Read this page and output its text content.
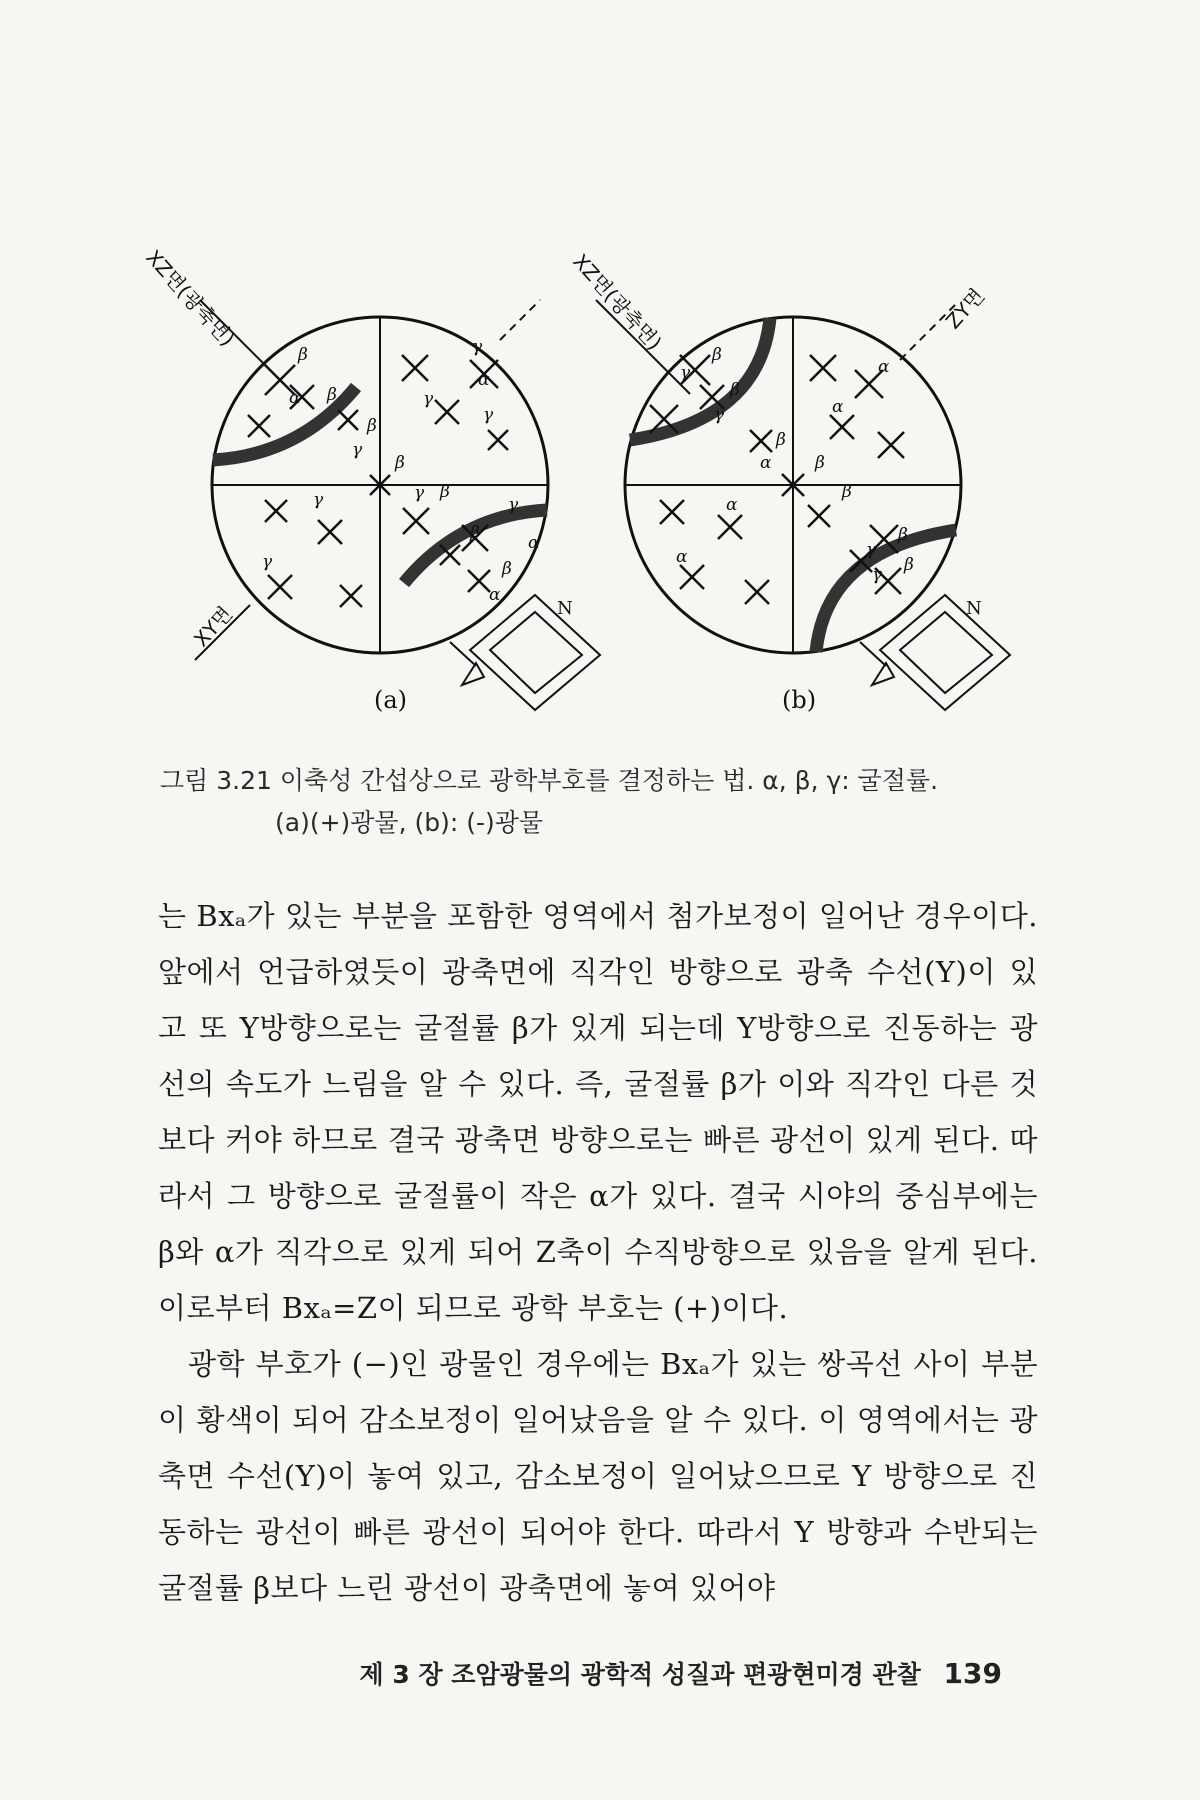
N
β
α β
β
γ
β
γ
γ
α
γ
γ β
γ
β	α
β
α
γ
γ
XZ면(광축면)
XY면
(a)
N
β
γ
β
γ
β
α	β
α
α
β
α
α
β
γ
γ β
XZ면(광축면)	ZY면
(b)
그림 3.21 이축성 간섭상으로 광학부호를 결정하는 법. α, β, γ: 굴절률.
(a)(+)광물, (b): (-)광물

는 Bxₐ가 있는 부분을 포함한 영역에서 첨가보정이 일어난 경우이다. 앞에서 언급하였듯이 광축면에 직각인 방향으로 광축 수선(Y)이 있고 또 Y방향으로는 굴절률 β가 있게 되는데 Y방향으로 진동하는 광선의 속도가 느림을 알 수 있다. 즉, 굴절률 β가 이와 직각인 다른 것보다 커야 하므로 결국 광축면 방향으로는 빠른 광선이 있게 된다. 따라서 그 방향으로 굴절률이 작은 α가 있다. 결국 시야의 중심부에는 β와 α가 직각으로 있게 되어 Z축이 수직방향으로 있음을 알게 된다. 이로부터 Bxₐ=Z이 되므로 광학 부호는 (+)이다.

광학 부호가 (−)인 광물인 경우에는 Bxₐ가 있는 쌍곡선 사이 부분이 황색이 되어 감소보정이 일어났음을 알 수 있다. 이 영역에서는 광축면 수선(Y)이 놓여 있고, 감소보정이 일어났으므로 Y 방향으로 진동하는 광선이 빠른 광선이 되어야 한다. 따라서 Y 방향과 수반되는 굴절률 β보다 느린 광선이 광축면에 놓여 있어야

제 3 장 조암광물의 광학적 성질과 편광현미경 관찰 139
